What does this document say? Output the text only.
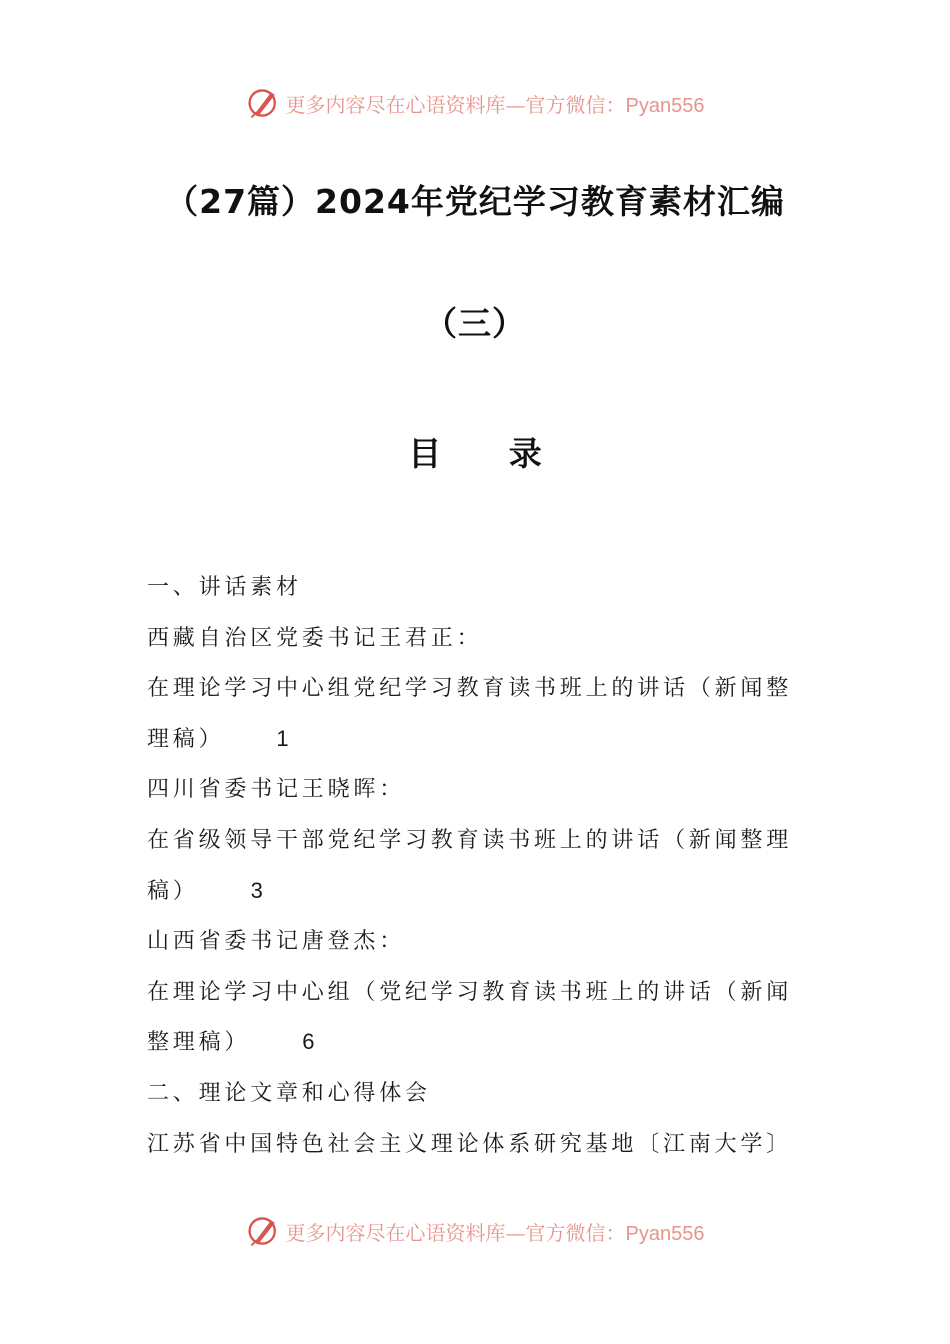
更多内容尽在心语资料库—官方微信：Pyan556
（27篇）2024年党纪学习教育素材汇编
（三）
目 录

一、讲话素材

西藏自治区党委书记王君正：

在理论学习中心组党纪学习教育读书班上的讲话（新闻整

理稿） 1

四川省委书记王晓晖：

在省级领导干部党纪学习教育读书班上的讲话（新闻整理

稿） 3

山西省委书记唐登杰：

在理论学习中心组（党纪学习教育读书班上的讲话（新闻

整理稿） 6

二、理论文章和心得体会

江苏省中国特色社会主义理论体系研究基地〔江南大学〕

更多内容尽在心语资料库—官方微信：Pyan556
